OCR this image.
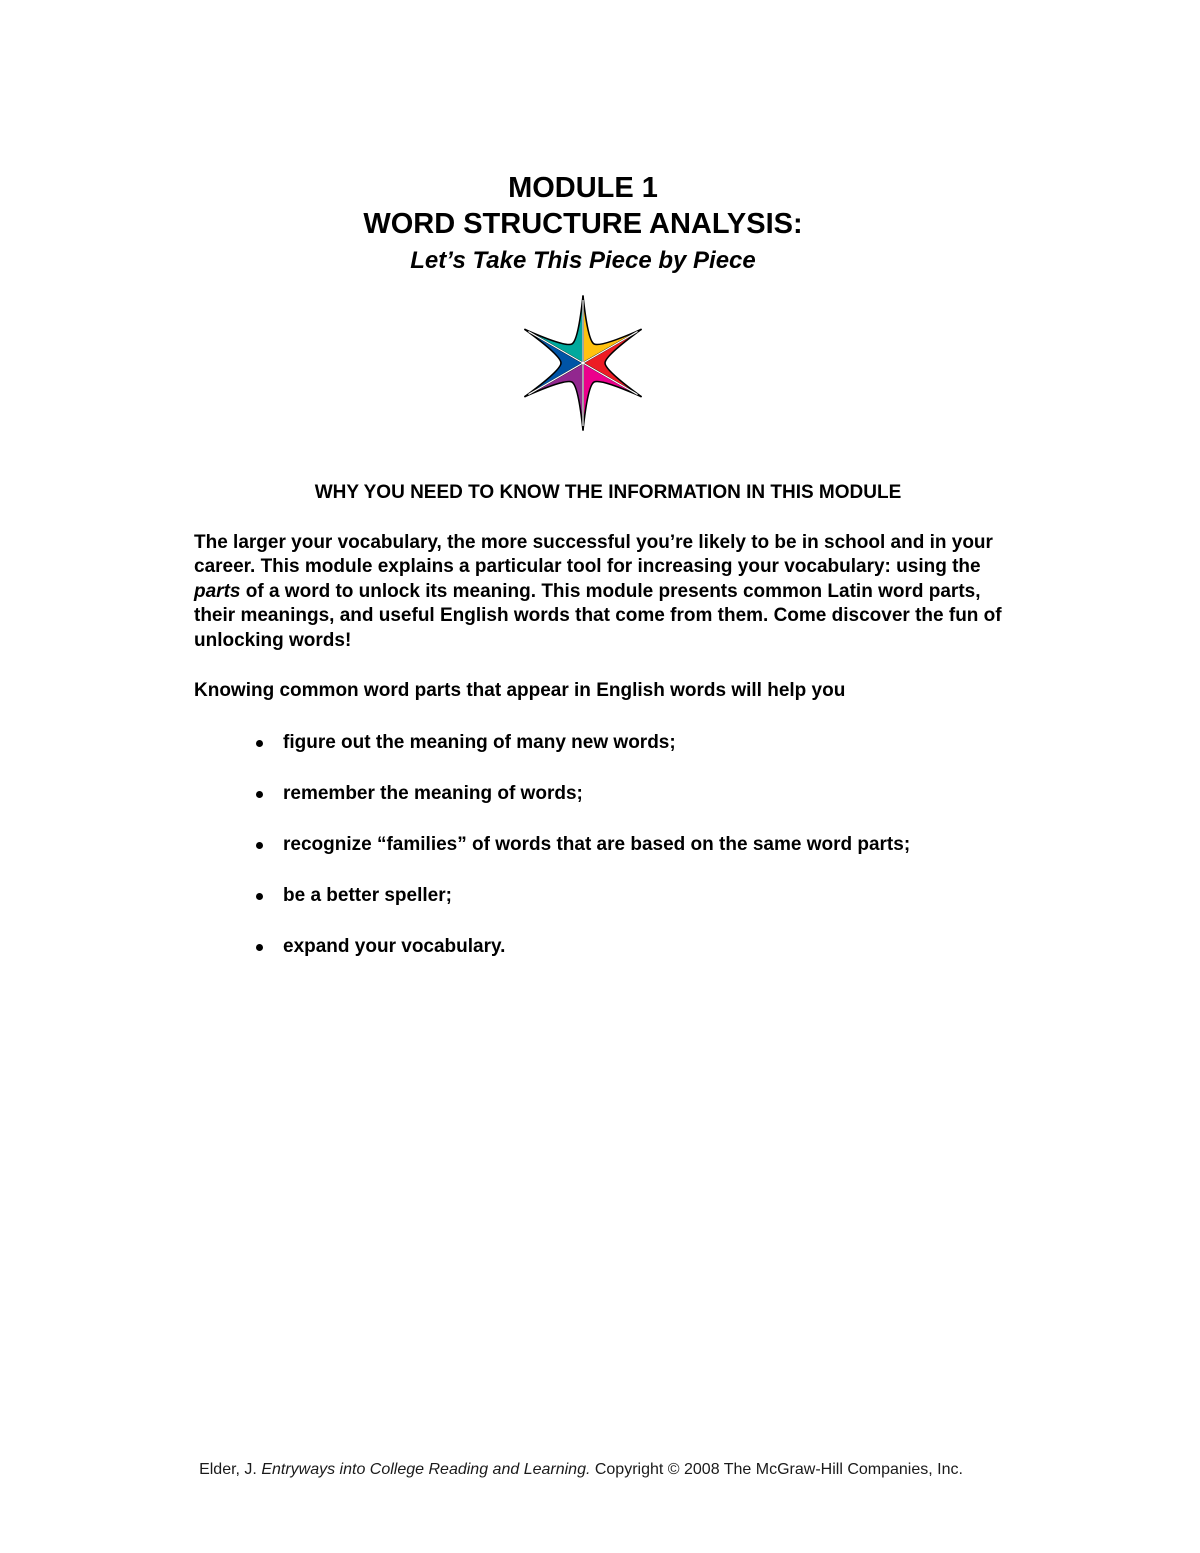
MODULE 1

WORD STRUCTURE ANALYSIS:

Let’s Take This Piece by Piece

WHY YOU NEED TO KNOW THE INFORMATION IN THIS MODULE
The larger your vocabulary, the more successful you’re likely to be in school and in your career. This module explains a particular tool for increasing your vocabulary: using the parts of a word to unlock its meaning. This module presents common Latin word parts, their meanings, and useful English words that come from them. Come discover the fun of unlocking words!
Knowing common word parts that appear in English words will help you
figure out the meaning of many new words;
remember the meaning of words;
recognize “families” of words that are based on the same word parts;
be a better speller;
expand your vocabulary.
Elder, J. Entryways into College Reading and Learning. Copyright © 2008 The McGraw-Hill Companies, Inc.
